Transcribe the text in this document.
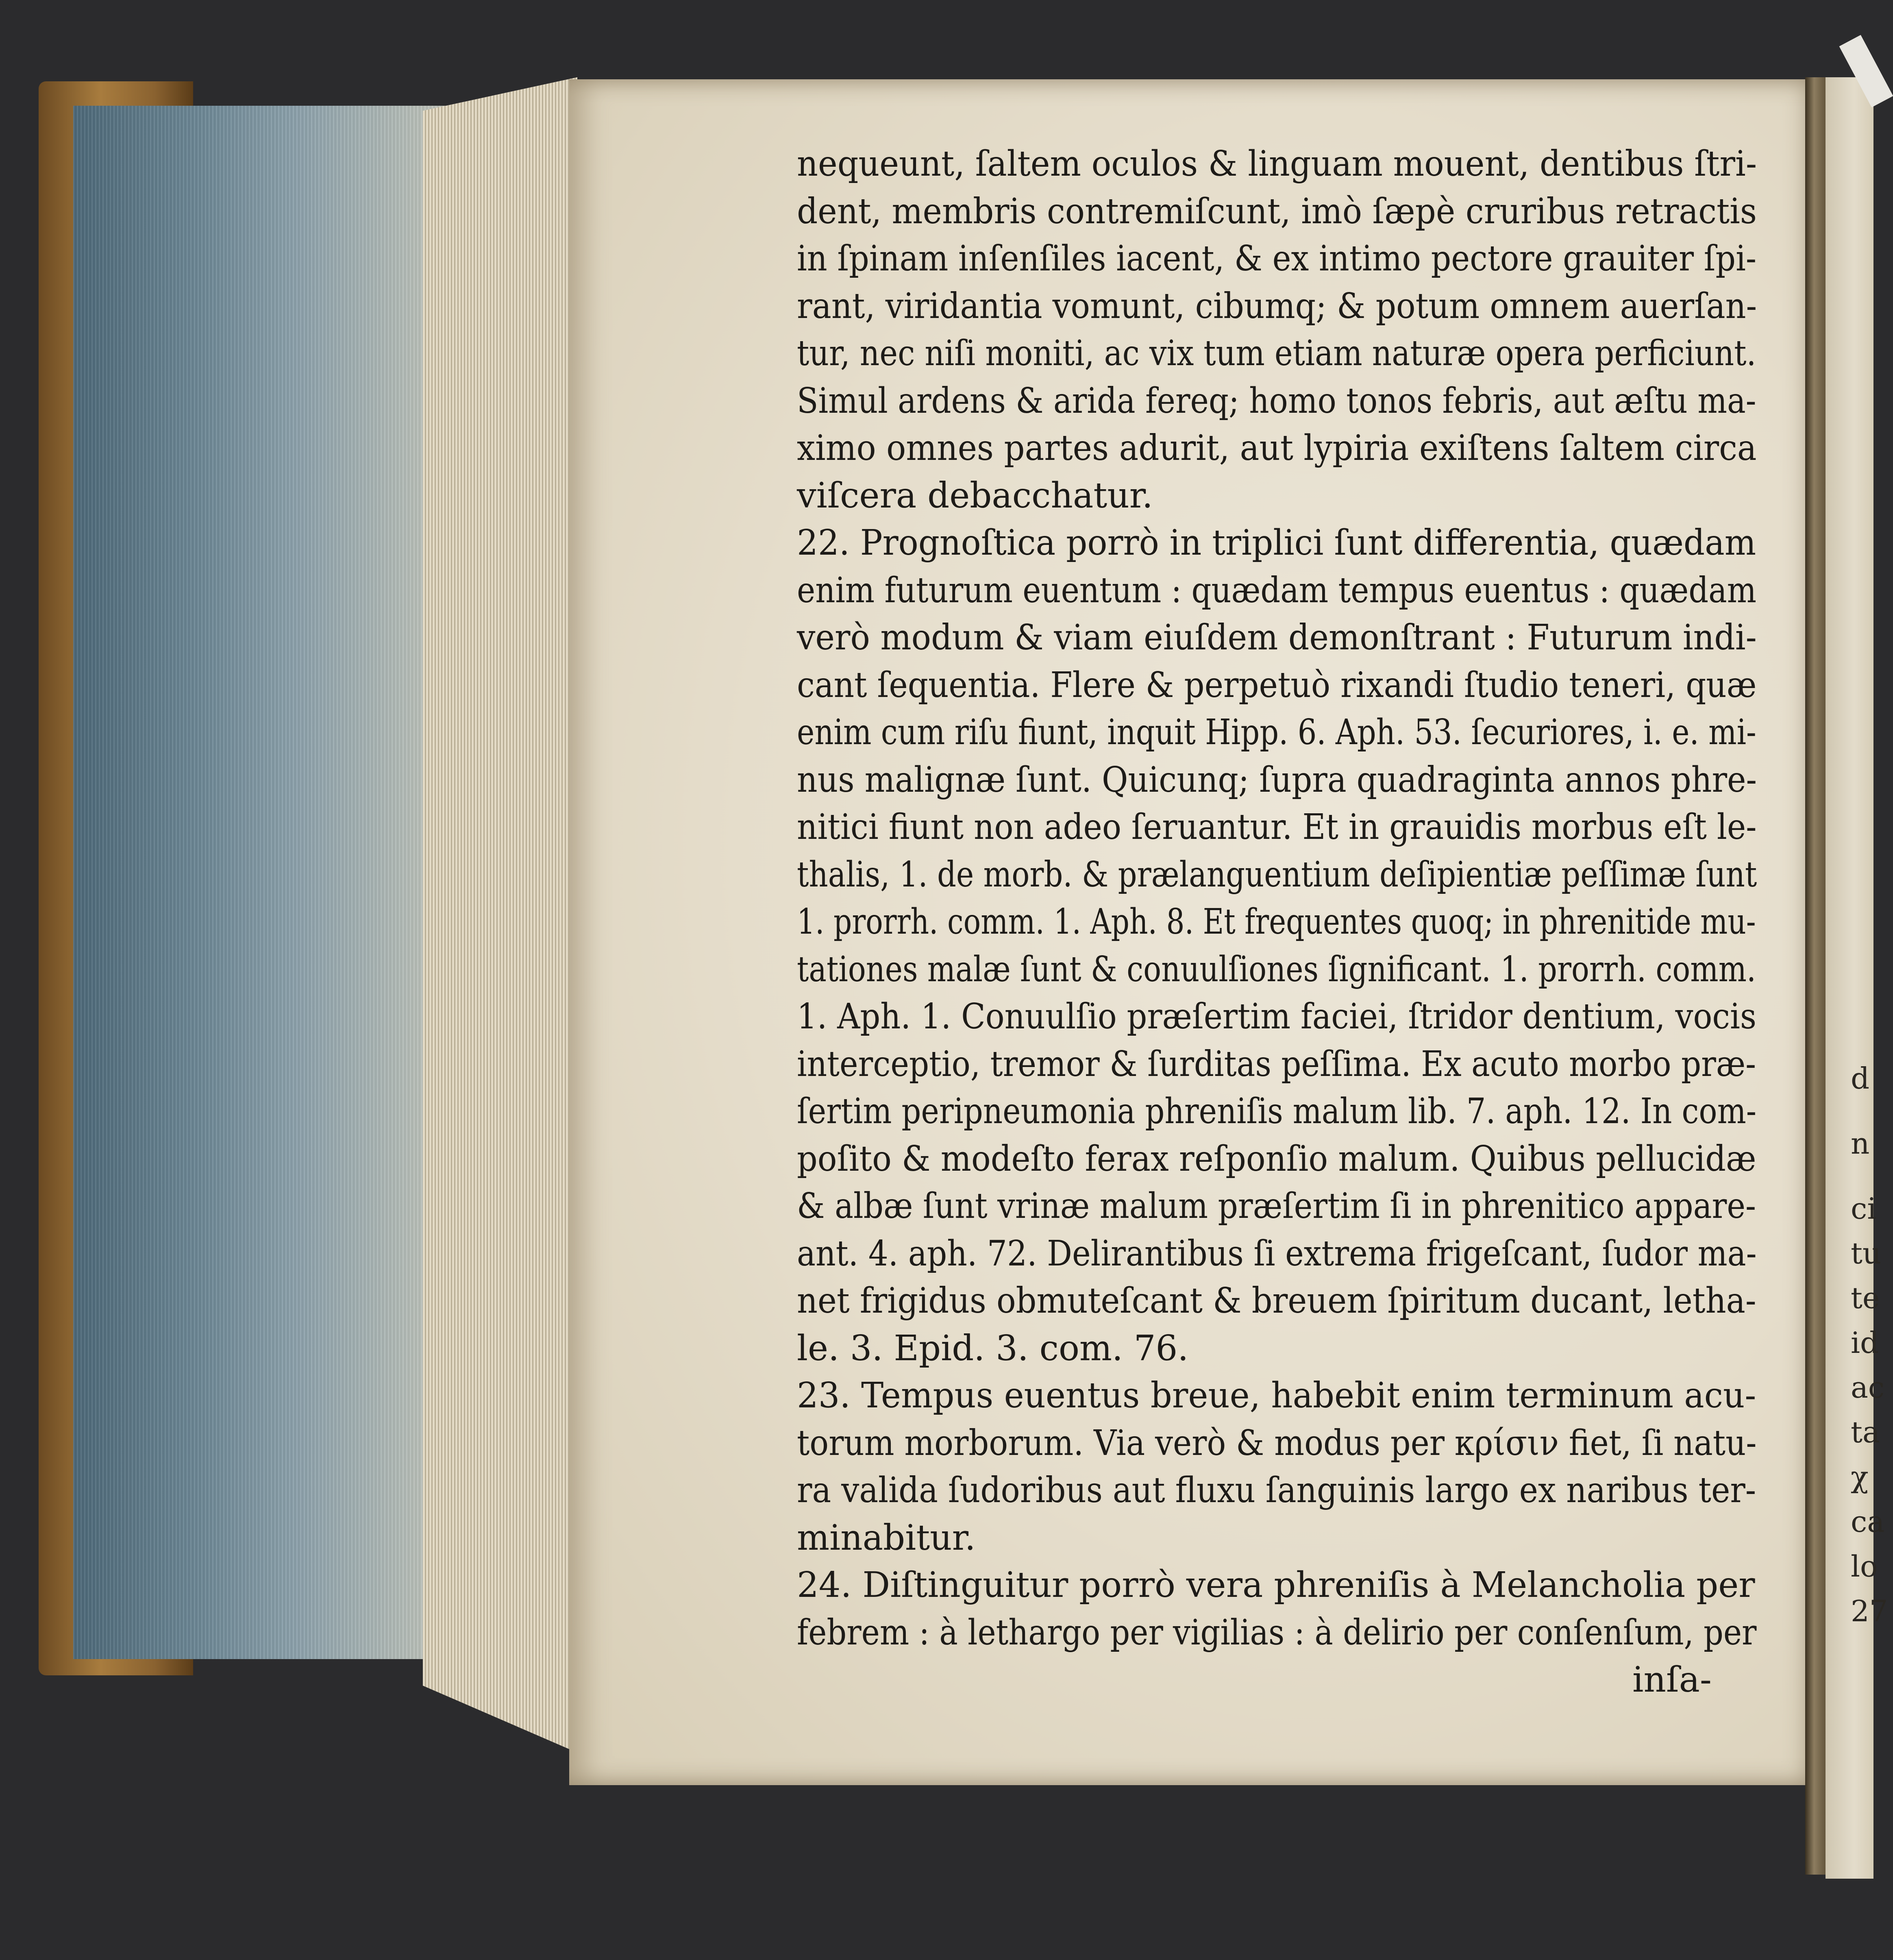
nequeunt, ſaltem oculos & linguam mouent, dentibus ſtri-
dent, membris contremiſcunt, imò ſæpè cruribus retractis
in ſpinam inſenſiles iacent, & ex intimo pectore grauiter ſpi-
rant, viridantia vomunt, cibumq; & potum omnem auerſan-
tur, nec niſi moniti, ac vix tum etiam naturæ opera perficiunt.
Simul ardens & arida fereq; homo tonos febris, aut æſtu ma-
ximo omnes partes adurit, aut lypiria exiſtens ſaltem circa
viſcera debacchatur.
22. Prognoſtica porrò in triplici ſunt differentia, quædam
enim futurum euentum : quædam tempus euentus : quædam
verò modum & viam eiuſdem demonſtrant : Futurum indi-
cant ſequentia. Flere & perpetuò rixandi ſtudio teneri, quæ
enim cum riſu fiunt, inquit Hipp. 6. Aph. 53. ſecuriores, i. e. mi-
nus malignæ ſunt. Quicunq; ſupra quadraginta annos phre-
nitici fiunt non adeo ſeruantur. Et in grauidis morbus eſt le-
thalis, 1. de morb. & prælanguentium deſipientiæ peſſimæ ſunt
1. prorrh. comm. 1. Aph. 8. Et frequentes quoq; in phrenitide mu-
tationes malæ ſunt & conuulſiones ſignificant. 1. prorrh. comm.
1. Aph. 1. Conuulſio præſertim faciei, ſtridor dentium, vocis
interceptio, tremor & ſurditas peſſima. Ex acuto morbo præ-
ſertim peripneumonia phreniſis malum lib. 7. aph. 12. In com-
poſito & modeſto ferax reſponſio malum. Quibus pellucidæ
& albæ ſunt vrinæ malum præſertim ſi in phrenitico appare-
ant. 4. aph. 72. Delirantibus ſi extrema frigeſcant, ſudor ma-
net frigidus obmuteſcant & breuem ſpiritum ducant, letha-
le. 3. Epid. 3. com. 76.
23. Tempus euentus breue, habebit enim terminum acu-
torum morborum. Via verò & modus per κρίσιν fiet, ſi natu-
ra valida ſudoribus aut fluxu ſanguinis largo ex naribus ter-
minabitur.
24. Diſtinguitur porrò vera phreniſis à Melancholia per
febrem : à lethargo per vigilias : à delirio per conſenſum, per
inſa-
d
n
ci
tu
te
id
ac
ta
χ
ca
lo
27
